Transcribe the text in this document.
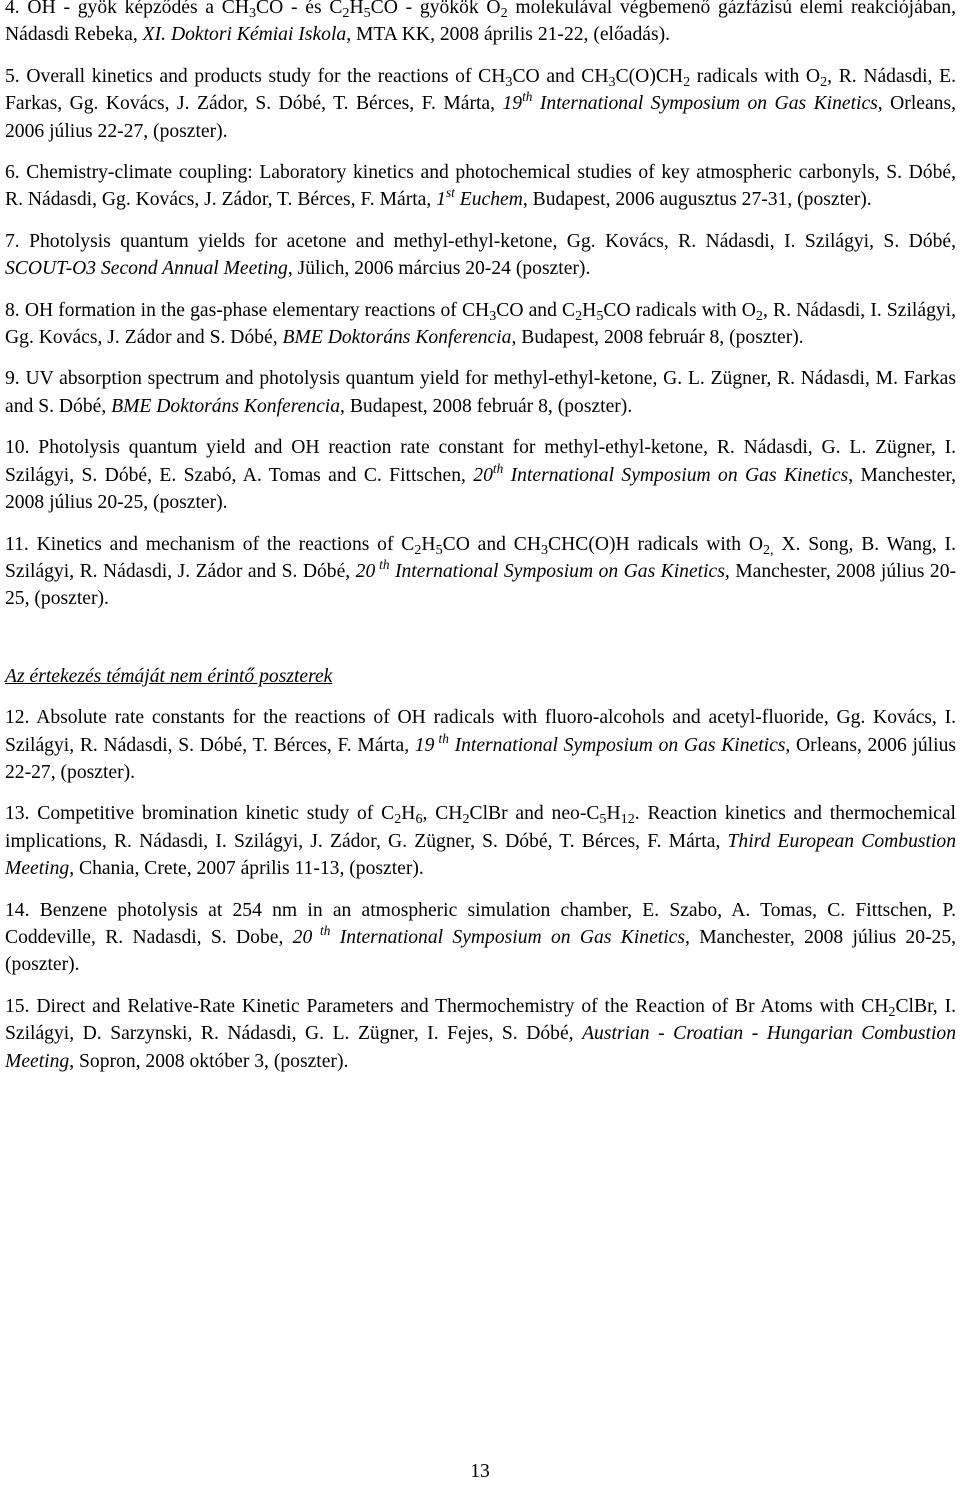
4. OH - gyök képződés a $CH_3CO$ - és $C_2H_5CO$ - gyökök $O_2$ molekulával végbemenő gázfázisú elemi reakciójában, Nádasdi Rebeka, XI. Doktori Kémiai Iskola, MTA KK, 2008 április 21-22, (előadás).

5. Overall kinetics and products study for the reactions of $CH_3CO$ and $CH_3C(O)CH_2$ radicals with $O_2$, R. Nádasdi, E. Farkas, Gg. Kovács, J. Zádor, S. Dóbé, T. Bérces, F. Márta, 19th International Symposium on Gas Kinetics, Orleans, 2006 július 22-27, (poszter).

6. Chemistry-climate coupling: Laboratory kinetics and photochemical studies of key atmospheric carbonyls, S. Dóbé, R. Nádasdi, Gg. Kovács, J. Zádor, T. Bérces, F. Márta, 1st Euchem, Budapest, 2006 augusztus 27-31, (poszter).

7. Photolysis quantum yields for acetone and methyl-ethyl-ketone, Gg. Kovács, R. Nádasdi, I. Szilágyi, S. Dóbé, SCOUT-O3 Second Annual Meeting, Jülich, 2006 március 20-24 (poszter).

8. OH formation in the gas-phase elementary reactions of $CH_3CO$ and $C_2H_5CO$ radicals with $O_2$, R. Nádasdi, I. Szilágyi, Gg. Kovács, J. Zádor and S. Dóbé, BME Doktoráns Konferencia, Budapest, 2008 február 8, (poszter).

9. UV absorption spectrum and photolysis quantum yield for methyl-ethyl-ketone, G. L. Zügner, R. Nádasdi, M. Farkas and S. Dóbé, BME Doktoráns Konferencia, Budapest, 2008 február 8, (poszter).

10. Photolysis quantum yield and OH reaction rate constant for methyl-ethyl-ketone, R. Nádasdi, G. L. Zügner, I. Szilágyi, S. Dóbé, E. Szabó, A. Tomas and C. Fittschen, 20th International Symposium on Gas Kinetics, Manchester, 2008 július 20-25, (poszter).

11. Kinetics and mechanism of the reactions of $C_2H_5CO$ and $CH_3CHC(O)H$ radicals with $O_{2,}$ X. Song, B. Wang, I. Szilágyi, R. Nádasdi, J. Zádor and S. Dóbé, 20 $^{th}$ International Symposium on Gas Kinetics, Manchester, 2008 július 20-25, (poszter).

Az értekezés témáját nem érintő poszterek

12. Absolute rate constants for the reactions of OH radicals with fluoro-alcohols and acetyl-fluoride, Gg. Kovács, I. Szilágyi, R. Nádasdi, S. Dóbé, T. Bérces, F. Márta, 19 $^{th}$ International Symposium on Gas Kinetics, Orleans, 2006 július 22-27, (poszter).

13. Competitive bromination kinetic study of $C_2H_6$, $CH_2ClBr$ and neo-$C_5H_{12}$. Reaction kinetics and thermochemical implications, R. Nádasdi, I. Szilágyi, J. Zádor, G. Zügner, S. Dóbé, T. Bérces, F. Márta, Third European Combustion Meeting, Chania, Crete, 2007 április 11-13, (poszter).

14. Benzene photolysis at 254 nm in an atmospheric simulation chamber, E. Szabo, A. Tomas, C. Fittschen, P. Coddeville, R. Nadasdi, S. Dobe, 20 $^{th}$ International Symposium on Gas Kinetics, Manchester, 2008 július 20-25, (poszter).

15. Direct and Relative-Rate Kinetic Parameters and Thermochemistry of the Reaction of Br Atoms with $CH_2ClBr$, I. Szilágyi, D. Sarzynski, R. Nádasdi, G. L. Zügner, I. Fejes, S. Dóbé, Austrian - Croatian - Hungarian Combustion Meeting, Sopron, 2008 október 3, (poszter).

13
